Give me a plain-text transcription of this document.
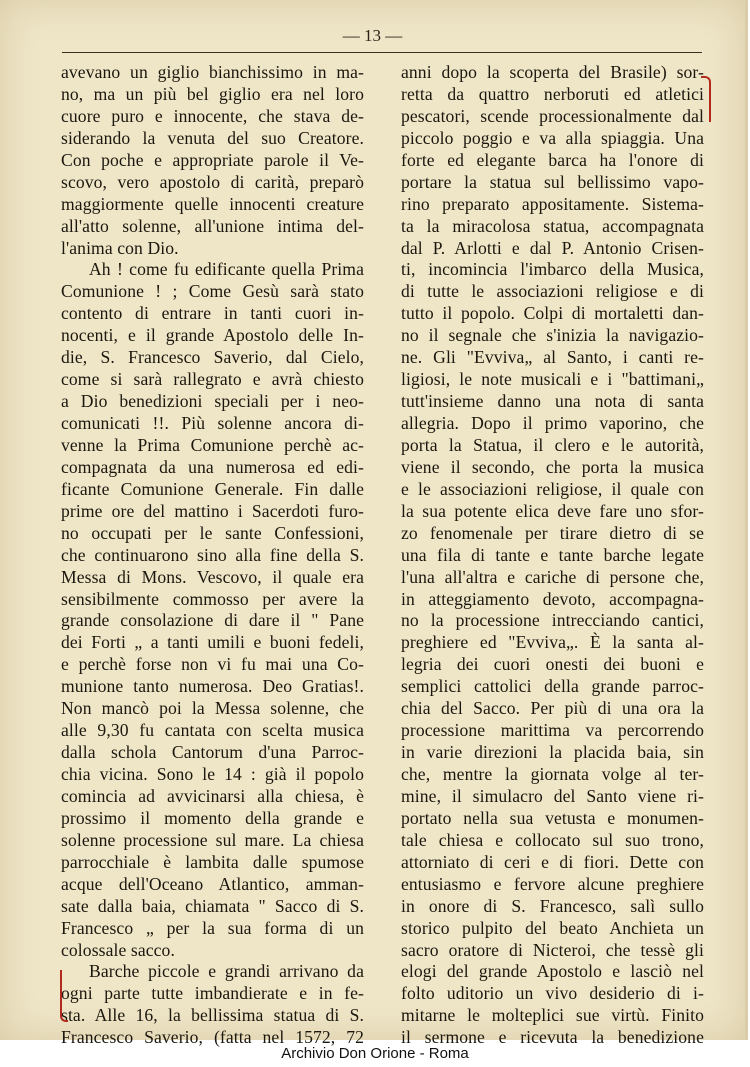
— 13 —
avevano un giglio bianchissimo in ma-
no, ma un più bel giglio era nel loro
cuore puro e innocente, che stava de-
siderando la venuta del suo Creatore.
Con poche e appropriate parole il Ve-
scovo, vero apostolo di carità, preparò
maggiormente quelle innocenti creature
all'atto solenne, all'unione intima del-
l'anima con Dio.
Ah ! come fu edificante quella Prima
Comunione ! ; Come Gesù sarà stato
contento di entrare in tanti cuori in-
nocenti, e il grande Apostolo delle In-
die, S. Francesco Saverio, dal Cielo,
come si sarà rallegrato e avrà chiesto
a Dio benedizioni speciali per i neo-
comunicati !!. Più solenne ancora di-
venne la Prima Comunione perchè ac-
compagnata da una numerosa ed edi-
ficante Comunione Generale. Fin dalle
prime ore del mattino i Sacerdoti furo-
no occupati per le sante Confessioni,
che continuarono sino alla fine della S.
Messa di Mons. Vescovo, il quale era
sensibilmente commosso per avere la
grande consolazione di dare il " Pane
dei Forti „ a tanti umili e buoni fedeli,
e perchè forse non vi fu mai una Co-
munione tanto numerosa. Deo Gratias!.
Non mancò poi la Messa solenne, che
alle 9,30 fu cantata con scelta musica
dalla schola Cantorum d'una Parroc-
chia vicina. Sono le 14 : già il popolo
comincia ad avvicinarsi alla chiesa, è
prossimo il momento della grande e
solenne processione sul mare. La chiesa
parrocchiale è lambita dalle spumose
acque dell'Oceano Atlantico, amman-
sate dalla baia, chiamata " Sacco di S.
Francesco „ per la sua forma di un
colossale sacco.
Barche piccole e grandi arrivano da
ogni parte tutte imbandierate e in fe-
sta. Alle 16, la bellissima statua di S.
Francesco Saverio, (fatta nel 1572, 72
anni dopo la scoperta del Brasile) sor-
retta da quattro nerboruti ed atletici
pescatori, scende processionalmente dal
piccolo poggio e va alla spiaggia. Una
forte ed elegante barca ha l'onore di
portare la statua sul bellissimo vapo-
rino preparato appositamente. Sistema-
ta la miracolosa statua, accompagnata
dal P. Arlotti e dal P. Antonio Crisen-
ti, incomincia l'imbarco della Musica,
di tutte le associazioni religiose e di
tutto il popolo. Colpi di mortaletti dan-
no il segnale che s'inizia la navigazio-
ne. Gli "Evviva„ al Santo, i canti re-
ligiosi, le note musicali e i "battimani„
tutt'insieme danno una nota di santa
allegria. Dopo il primo vaporino, che
porta la Statua, il clero e le autorità,
viene il secondo, che porta la musica
e le associazioni religiose, il quale con
la sua potente elica deve fare uno sfor-
zo fenomenale per tirare dietro di se
una fila di tante e tante barche legate
l'una all'altra e cariche di persone che,
in atteggiamento devoto, accompagna-
no la processione intrecciando cantici,
preghiere ed "Evviva„. È la santa al-
legria dei cuori onesti dei buoni e
semplici cattolici della grande parroc-
chia del Sacco. Per più di una ora la
processione marittima va percorrendo
in varie direzioni la placida baia, sin
che, mentre la giornata volge al ter-
mine, il simulacro del Santo viene ri-
portato nella sua vetusta e monumen-
tale chiesa e collocato sul suo trono,
attorniato di ceri e di fiori. Dette con
entusiasmo e fervore alcune preghiere
in onore di S. Francesco, salì sullo
storico pulpito del beato Anchieta un
sacro oratore di Nicteroi, che tessè gli
elogi del grande Apostolo e lasciò nel
folto uditorio un vivo desiderio di i-
mitarne le molteplici sue virtù. Finito
il sermone e ricevuta la benedizione
Archivio Don Orione - Roma
